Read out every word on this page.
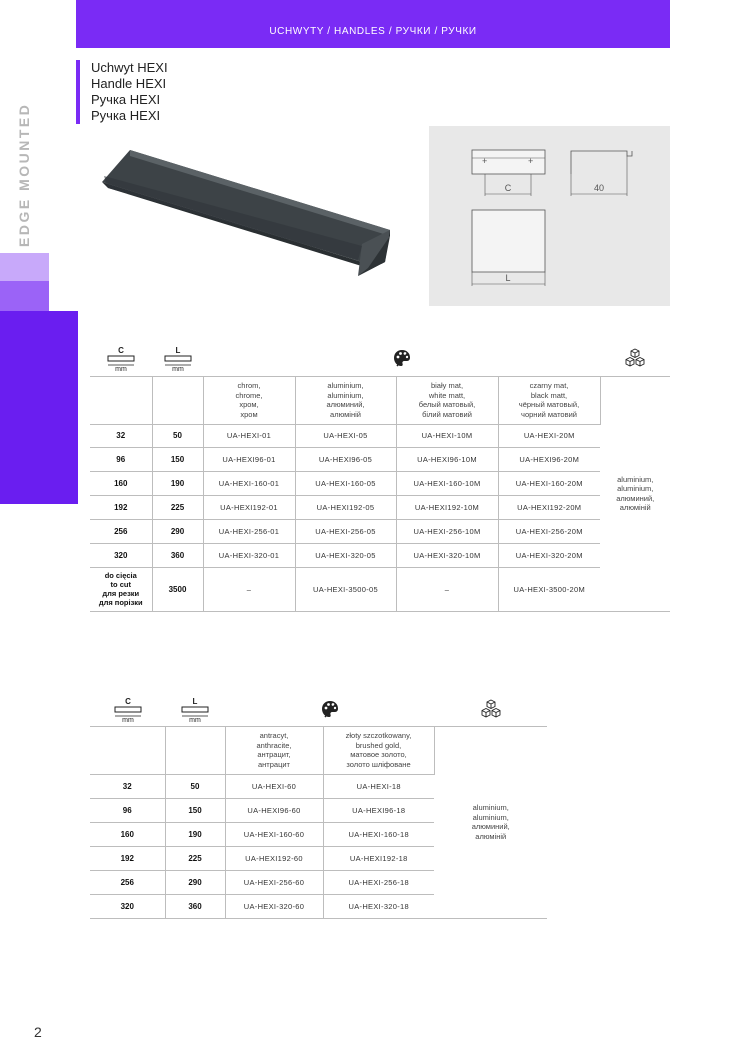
UCHWYTY / HANDLES / РУЧКИ / РУЧКИ
EDGE MOUNTED
Uchwyt HEXI
Handle HEXI
Ручка HEXI
Ручка HEXI
+	+
C	40
L
C
mm	L
mm

		chrom,
chrome,
хром,
хром	aluminium,
aluminium,
алюминий,
алюміній	biały mat,
white matt,
белый матовый,
білий матовий	czarny mat,
black matt,
чёрный матовый,
чорний матовий	aluminium,
aluminium,
алюминий,
алюміній
32	50	UA-HEXI-01	UA-HEXI-05	UA-HEXI-10M	UA-HEXI-20M	
96	150	UA-HEXI96-01	UA-HEXI96-05	UA-HEXI96-10M	UA-HEXI96-20M	
160	190	UA-HEXI-160-01	UA-HEXI-160-05	UA-HEXI-160-10M	UA-HEXI-160-20M	
192	225	UA-HEXI192-01	UA-HEXI192-05	UA-HEXI192-10M	UA-HEXI192-20M	
256	290	UA-HEXI-256-01	UA-HEXI-256-05	UA-HEXI-256-10M	UA-HEXI-256-20M	
320	360	UA-HEXI-320-01	UA-HEXI-320-05	UA-HEXI-320-10M	UA-HEXI-320-20M	
do cięcia
to cut
для резки
для порізки	3500	–	UA-HEXI-3500-05	–	UA-HEXI-3500-20M	
C
mm	L
mm

		antracyt,
anthracite,
антрацит,
антрацит	złoty szczotkowany,
brushed gold,
матовое золото,
золото шліфоване	aluminium,
aluminium,
алюминий,
алюміній
32	50	UA-HEXI-60	UA-HEXI-18	
96	150	UA-HEXI96-60	UA-HEXI96-18	
160	190	UA-HEXI-160-60	UA-HEXI-160-18	
192	225	UA-HEXI192-60	UA-HEXI192-18	
256	290	UA-HEXI-256-60	UA-HEXI-256-18	
320	360	UA-HEXI-320-60	UA-HEXI-320-18	
2
